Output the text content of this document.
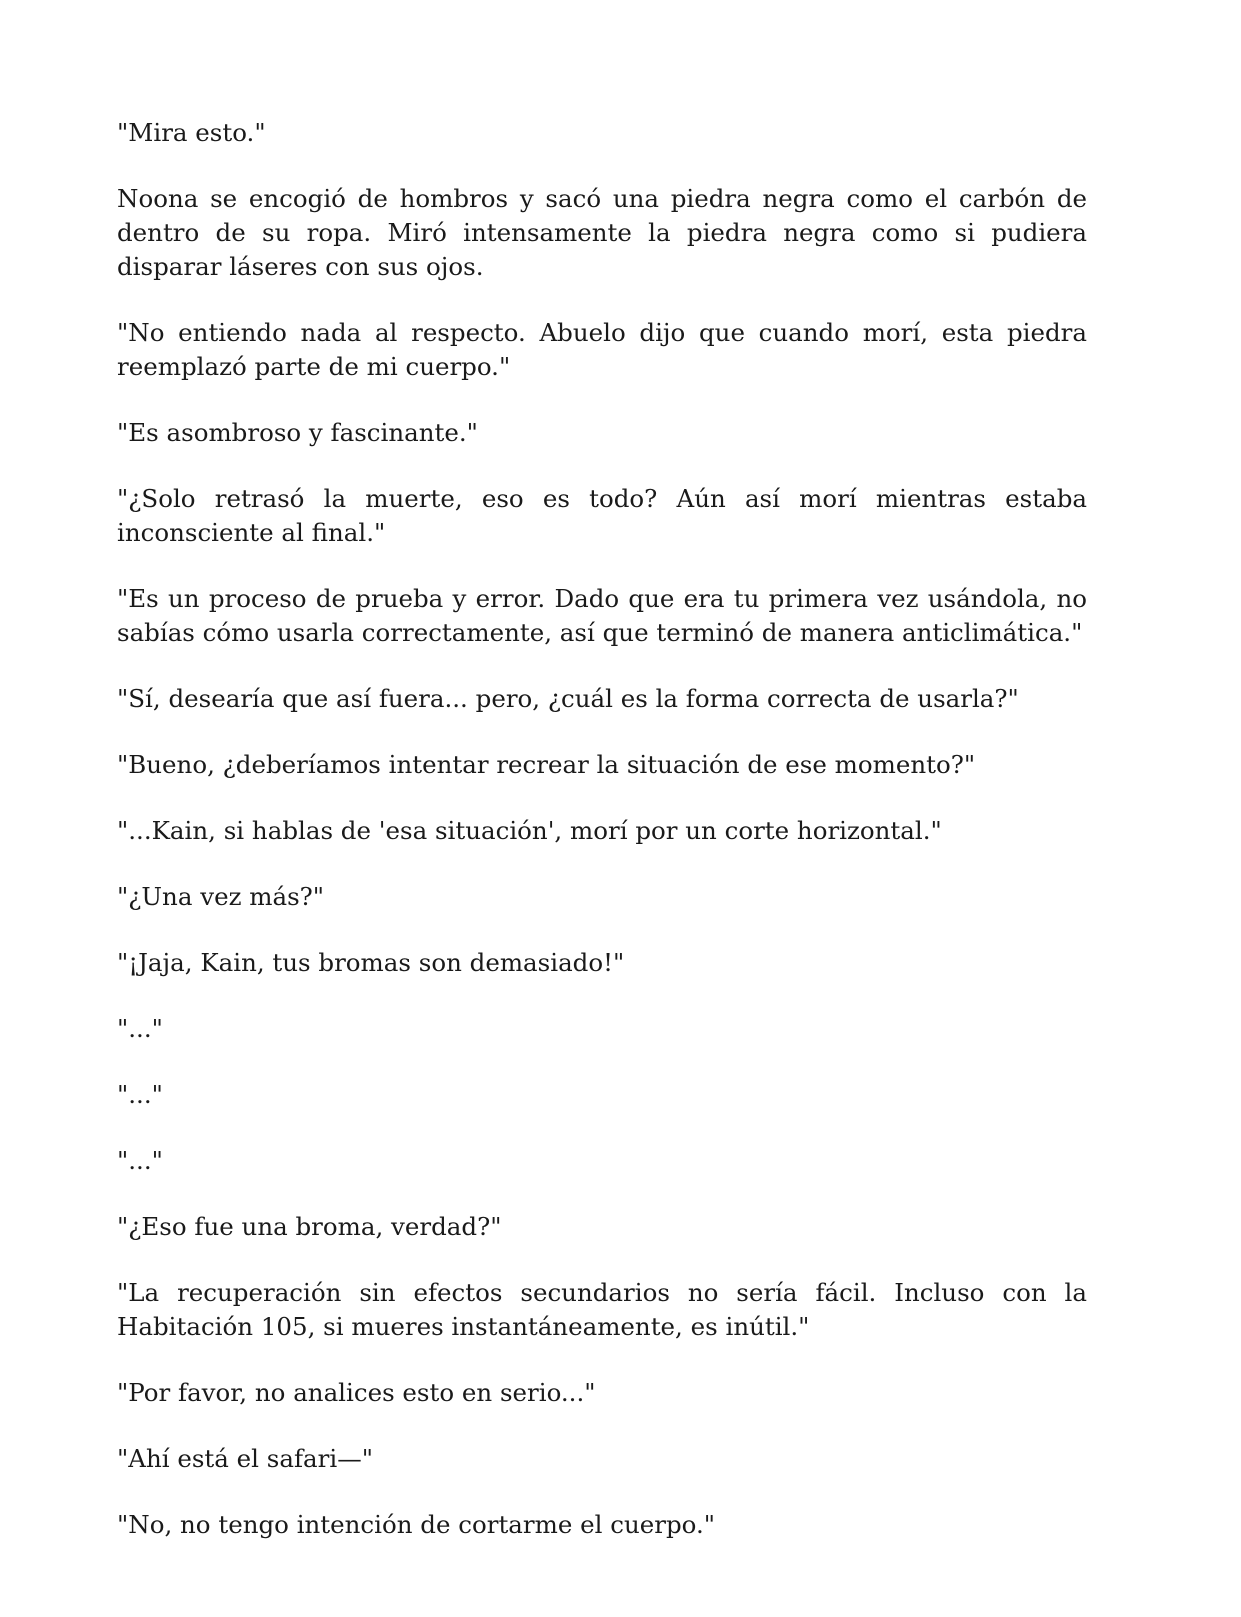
"Mira esto."

Noona se encogió de hombros y sacó una piedra negra como el carbón de dentro de su ropa. Miró intensamente la piedra negra como si pudiera disparar láseres con sus ojos.

"No entiendo nada al respecto. Abuelo dijo que cuando morí, esta piedra reemplazó parte de mi cuerpo."

"Es asombroso y fascinante."

"¿Solo retrasó la muerte, eso es todo? Aún así morí mientras estaba inconsciente al final."

"Es un proceso de prueba y error. Dado que era tu primera vez usándola, no sabías cómo usarla correctamente, así que terminó de manera anticlimática."

"Sí, desearía que así fuera... pero, ¿cuál es la forma correcta de usarla?"

"Bueno, ¿deberíamos intentar recrear la situación de ese momento?"

"...Kain, si hablas de 'esa situación', morí por un corte horizontal."

"¿Una vez más?"

"¡Jaja, Kain, tus bromas son demasiado!"

"..."

"..."

"..."

"¿Eso fue una broma, verdad?"

"La recuperación sin efectos secundarios no sería fácil. Incluso con la Habitación 105, si mueres instantáneamente, es inútil."

"Por favor, no analices esto en serio..."

"Ahí está el safari—"

"No, no tengo intención de cortarme el cuerpo."
